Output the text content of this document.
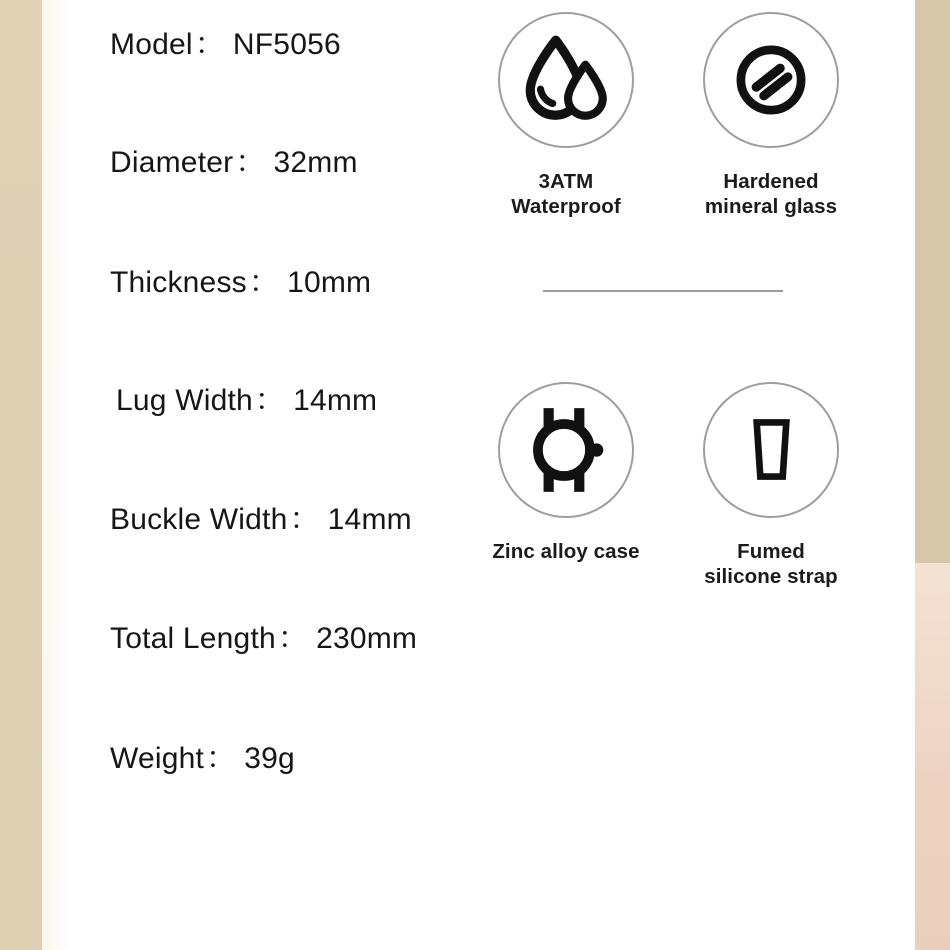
Model： NF5056
Diameter： 32mm
Thickness： 10mm
Lug Width： 14mm
Buckle Width： 14mm
Total Length： 230mm
Weight： 39g
3ATM
Waterproof
Hardened
mineral glass
Zinc alloy case	Fumed
silicone strap
